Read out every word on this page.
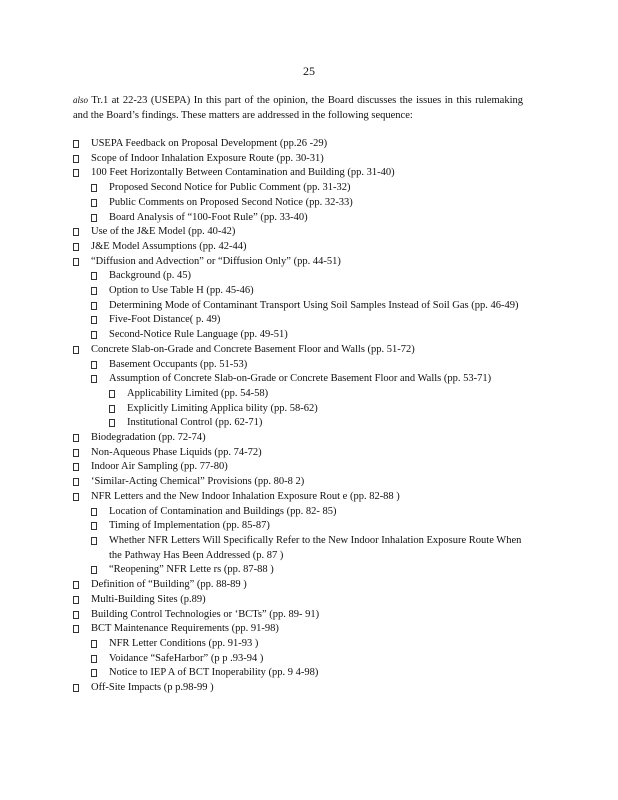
25
also Tr.1 at 22-23 (USEPA) In this part of the opinion, the Board discusses the issues in this rulemaking and the Board’s findings. These matters are addressed in the following sequence:
USEPA Feedback on Proposal Development (pp.26 -29)
Scope of Indoor Inhalation Exposure Route (pp. 30-31)
100 Feet Horizontally Between Contamination and Building (pp. 31-40)
Proposed Second Notice for Public Comment (pp. 31-32)
Public Comments on Proposed Second Notice (pp. 32-33)
Board Analysis of “100-Foot Rule” (pp. 33-40)
Use of the J&E Model (pp. 40-42)
J&E Model Assumptions (pp. 42-44)
“Diffusion and Advection” or “Diffusion Only” (pp. 44-51)
Background (p. 45)
Option to Use Table H (pp. 45-46)
Determining Mode of Contaminant Transport Using Soil Samples Instead of Soil Gas (pp. 46-49)
Five-Foot Distance( p. 49)
Second-Notice Rule Language (pp. 49-51)
Concrete Slab-on-Grade and Concrete Basement Floor and Walls (pp. 51-72)
Basement Occupants (pp. 51-53)
Assumption of Concrete Slab-on-Grade or Concrete Basement Floor and Walls (pp. 53-71)
Applicability Limited (pp. 54-58)
Explicitly Limiting Applica bility (pp. 58-62)
Institutional Control (pp. 62-71)
Biodegradation (pp. 72-74)
Non-Aqueous Phase Liquids (pp. 74-72)
Indoor Air Sampling (pp. 77-80)
‘Similar-Acting Chemical” Provisions (pp. 80-8 2)
NFR Letters and the New Indoor Inhalation Exposure Rout e (pp. 82-88 )
Location of Contamination and Buildings (pp. 82- 85)
Timing of Implementation (pp. 85-87)
Whether NFR Letters Will Specifically Refer to the New Indoor Inhalation Exposure Route When the Pathway Has Been Addressed (p. 87 )
“Reopening” NFR Lette rs (pp. 87-88 )
Definition of “Building” (pp. 88-89 )
Multi-Building Sites (p.89)
Building Control Technologies or ‘BCTs” (pp. 89- 91)
BCT Maintenance Requirements (pp. 91-98)
NFR Letter Conditions (pp. 91-93 )
Voidance “SafeHarbor” (p p .93-94 )
Notice to IEP A of BCT Inoperability (pp. 9 4-98)
Off-Site Impacts (p p.98-99 )
